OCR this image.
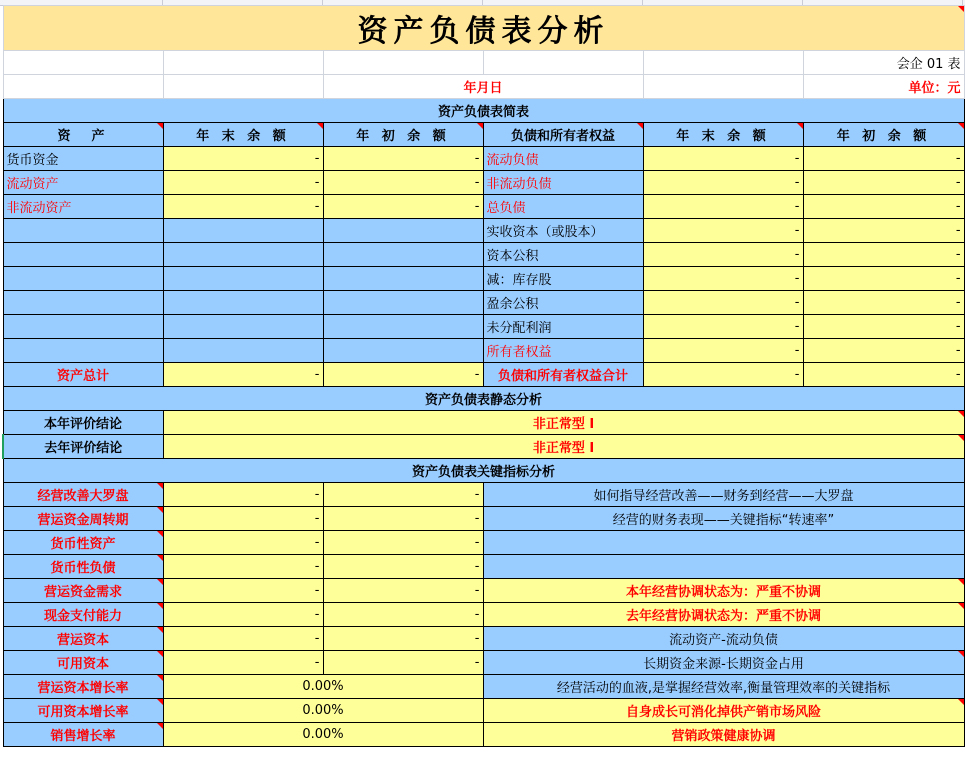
资产负债表分析					
					会企 01 表
		年月日			单位：元
资产负债表简表					
资　产	年 末 余 额	年 初 余 额	负债和所有者权益	年 末 余 额	年 初 余 额
货币资金	-	-	流动负债	-	-
流动资产	-	-	非流动负债	-	-
非流动资产	-	-	总负债	-	-
			实收资本（或股本）	-	-
			资本公积	-	-
			减：库存股	-	-
			盈余公积	-	-
			未分配利润	-	-
			所有者权益	-	-
资产总计	-	-	负债和所有者权益合计	-	-
资产负债表静态分析					
本年评价结论	非正常型 I				
去年评价结论	非正常型 I				
资产负债表关键指标分析					
经营改善大罗盘	-	-	如何指导经营改善——财务到经营——大罗盘		
营运资金周转期	-	-	经营的财务表现——关键指标“转速率”		
货币性资产	-	-			
货币性负债	-	-			
营运资金需求	-	-	本年经营协调状态为：严重不协调		
现金支付能力	-	-	去年经营协调状态为：严重不协调		
营运资本	-	-	流动资产-流动负债		
可用资本	-	-	长期资金来源-长期资金占用		
营运资本增长率	0.00%		经营活动的血液,是掌握经营效率,衡量管理效率的关键指标		
可用资本增长率	0.00%		自身成长可消化掉供产销市场风险		
销售增长率	0.00%		营销政策健康协调		
